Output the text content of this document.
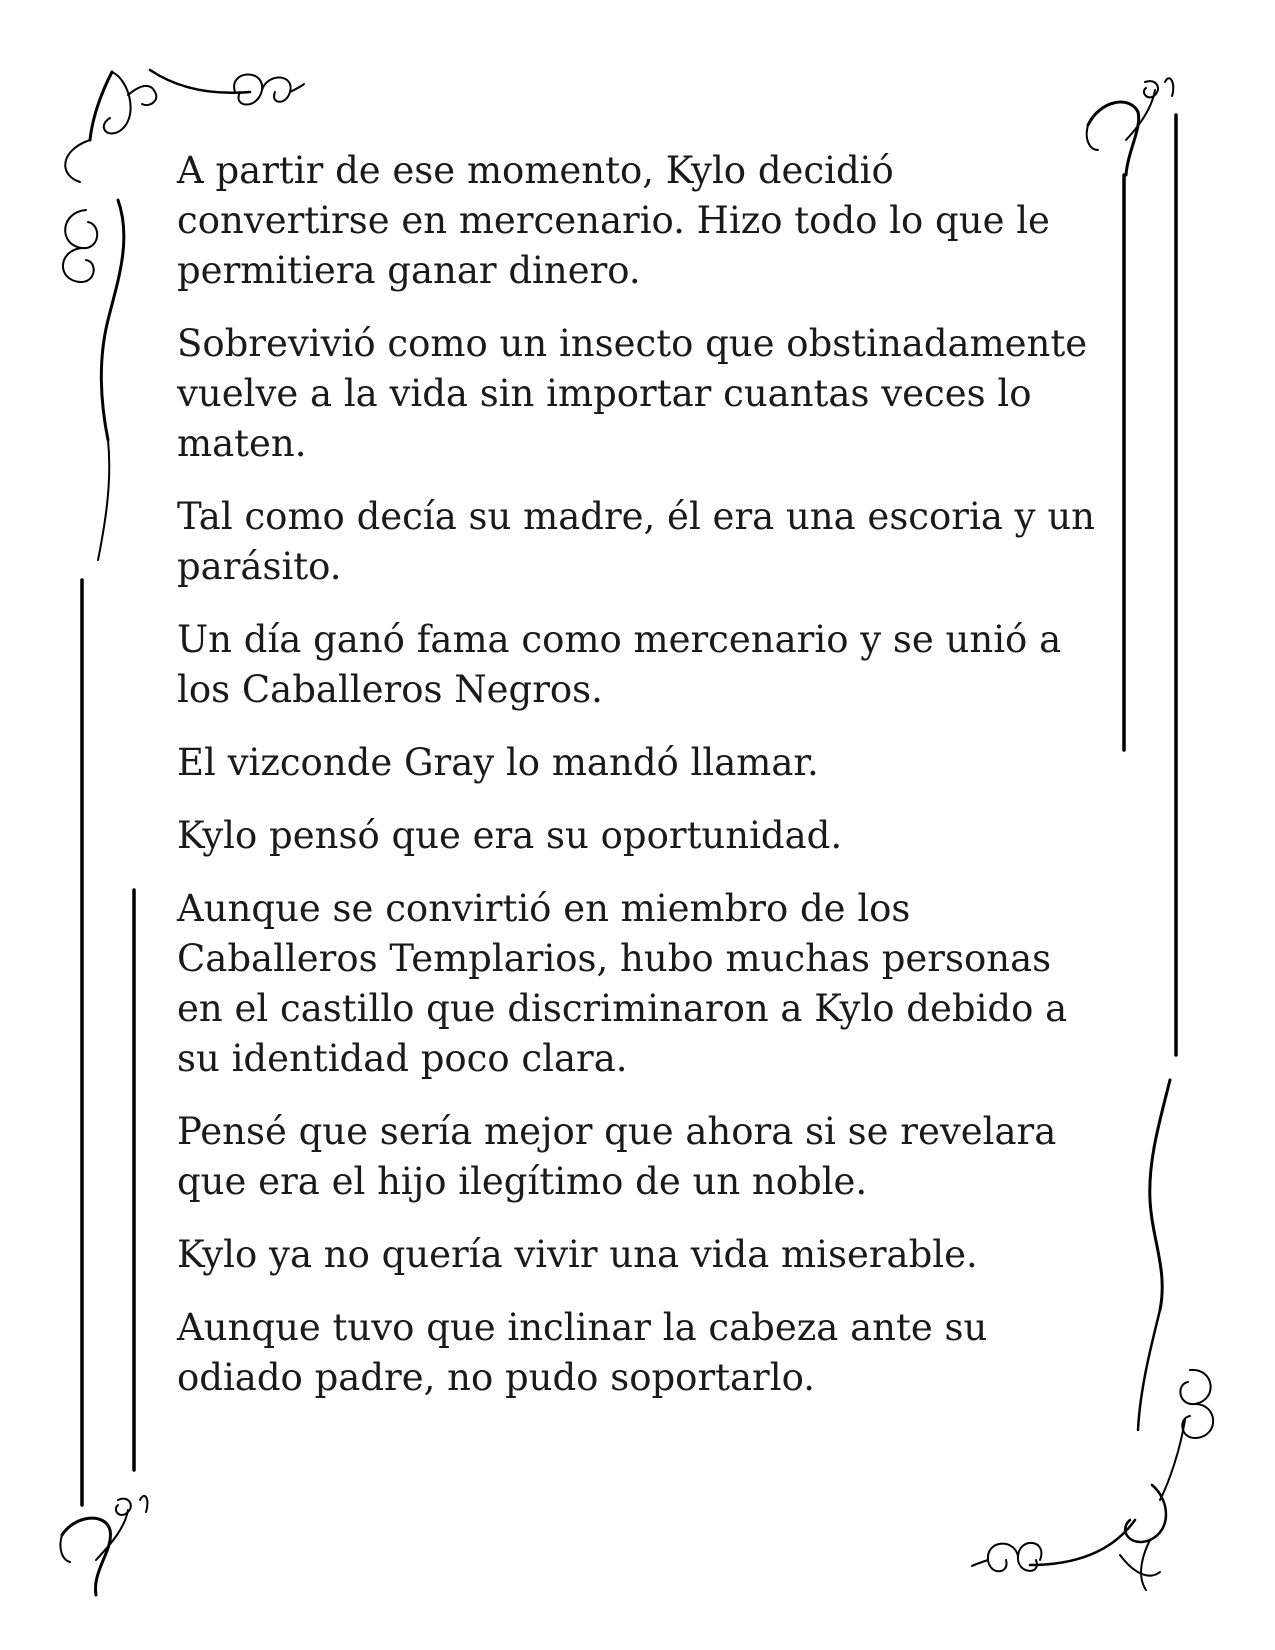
A partir de ese momento, Kylo decidió convertirse en mercenario. Hizo todo lo que le permitiera ganar dinero.

Sobrevivió como un insecto que obstinadamente vuelve a la vida sin importar cuantas veces lo maten.

Tal como decía su madre, él era una escoria y un parásito.

Un día ganó fama como mercenario y se unió a los Caballeros Negros.

El vizconde Gray lo mandó llamar.

Kylo pensó que era su oportunidad.

Aunque se convirtió en miembro de los Caballeros Templarios, hubo muchas personas en el castillo que discriminaron a Kylo debido a su identidad poco clara.

Pensé que sería mejor que ahora si se revelara que era el hijo ilegítimo de un noble.

Kylo ya no quería vivir una vida miserable.

Aunque tuvo que inclinar la cabeza ante su odiado padre, no pudo soportarlo.
